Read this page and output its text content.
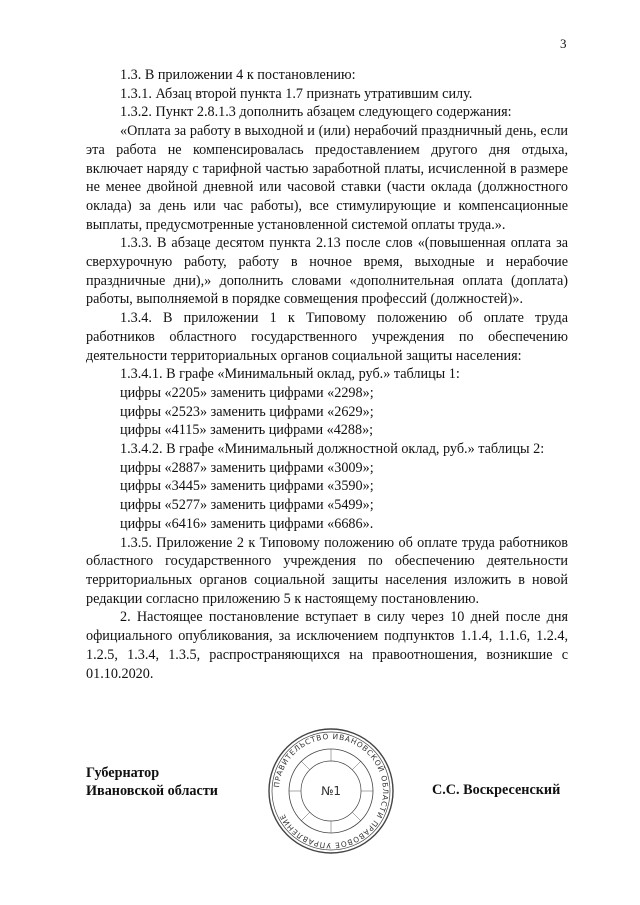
3

1.3. В приложении 4 к постановлению:

1.3.1. Абзац второй пункта 1.7 признать утратившим силу.

1.3.2. Пункт 2.8.1.3 дополнить абзацем следующего содержания:

«Оплата за работу в выходной и (или) нерабочий праздничный день, если эта работа не компенсировалась предоставлением другого дня отдыха, включает наряду с тарифной частью заработной платы, исчисленной в размере не менее двойной дневной или часовой ставки (части оклада (должностного оклада) за день или час работы), все стимулирующие и компенсационные выплаты, предусмотренные установленной системой оплаты труда.».

1.3.3. В абзаце десятом пункта 2.13 после слов «(повышенная оплата за сверхурочную работу, работу в ночное время, выходные и нерабочие праздничные дни),» дополнить словами «дополнительная оплата (доплата) работы, выполняемой в порядке совмещения профессий (должностей)».

1.3.4. В приложении 1 к Типовому положению об оплате труда работников областного государственного учреждения по обеспечению деятельности территориальных органов социальной защиты населения:

1.3.4.1. В графе «Минимальный оклад, руб.» таблицы 1:

цифры «2205» заменить цифрами «2298»;

цифры «2523» заменить цифрами «2629»;

цифры «4115» заменить цифрами «4288»;

1.3.4.2. В графе «Минимальный должностной оклад, руб.» таблицы 2:

цифры «2887» заменить цифрами «3009»;

цифры «3445» заменить цифрами «3590»;

цифры «5277» заменить цифрами «5499»;

цифры «6416» заменить цифрами «6686».

1.3.5. Приложение 2 к Типовому положению об оплате труда работников областного государственного учреждения по обеспечению деятельности территориальных органов социальной защиты населения изложить в новой редакции согласно приложению 5 к настоящему постановлению.

2. Настоящее постановление вступает в силу через 10 дней после дня официального опубликования, за исключением подпунктов 1.1.4, 1.1.6, 1.2.4, 1.2.5, 1.3.4, 1.3.5, распространяющихся на правоотношения, возникшие с 01.10.2020.

Губернатор
Ивановской области	ПРАВИТЕЛЬСТВО ИВАНОВСКОЙ ОБЛАСТИ ПРАВОВОЕ УПРАВЛЕНИЕ
№1	С.С. Воскресенский
